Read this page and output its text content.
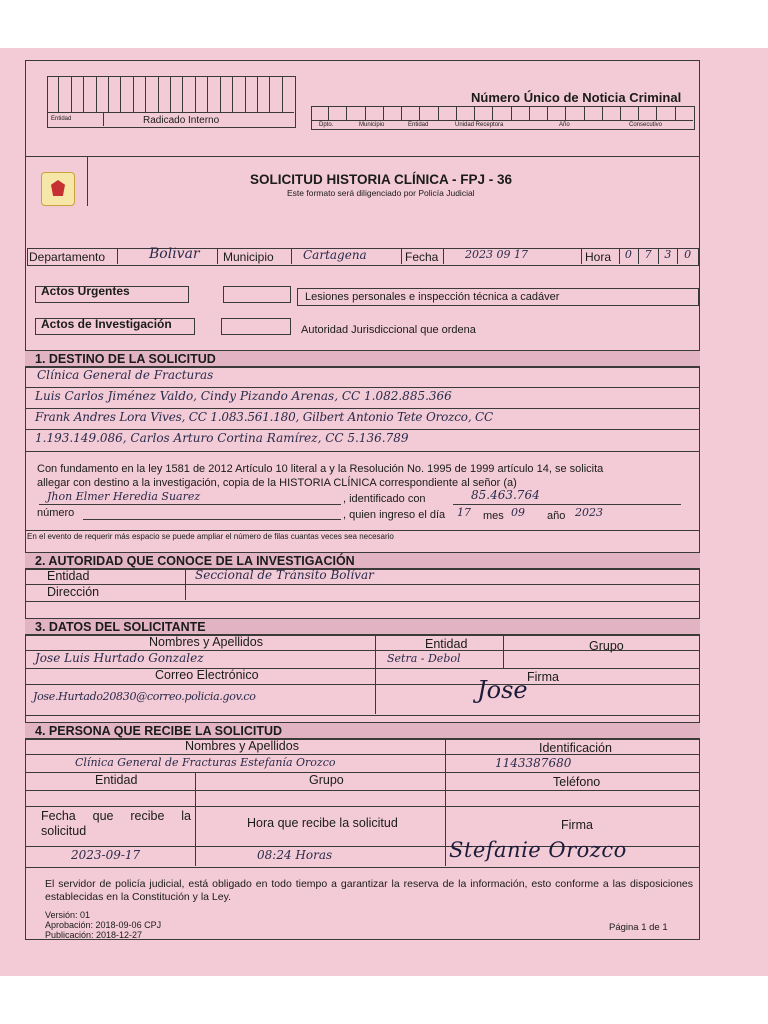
Entidad	Radicado Interno
Número Único de Noticia Criminal
Dpto.	Municipio	Entidad	Unidad Receptora	Año	Consecutivo
SOLICITUD HISTORIA CLÍNICA - FPJ - 36
Este formato será diligenciado por Policía Judicial
Departamento	Bolivar Municipio Cartagena	Fecha 2023 09 17	Hora	0	7	3	0
Actos Urgentes	Lesiones personales e inspección técnica a cadáver
Actos de Investigación	Autoridad Jurisdiccional que ordena
1. DESTINO DE LA SOLICITUD
Clínica General de Fracturas
Luis Carlos Jiménez Valdo, Cindy Pizando Arenas, CC 1.082.885.366
Frank Andres Lora Vives, CC 1.083.561.180, Gilbert Antonio Tete Orozco, CC
1.193.149.086, Carlos Arturo Cortina Ramírez, CC 5.136.789
Con fundamento en la ley 1581 de 2012 Artículo 10 literal a y la Resolución No. 1995 de 1999 artículo 14, se solicita
allegar con destino a la investigación, copia de la HISTORIA CLÍNICA correspondiente al señor (a)
Jhon Elmer Heredia Suarez	, identificado con	85.463.764
número	, quien ingreso el día 17 mes 09 año 2023
En el evento de requerir más espacio se puede ampliar el número de filas cuantas veces sea necesario
2. AUTORIDAD QUE CONOCE DE LA INVESTIGACIÓN
Entidad	Seccional de Tránsito Bolívar
Dirección
3. DATOS DEL SOLICITANTE
Nombres y Apellidos	Entidad	Grupo
Jose Luis Hurtado Gonzalez	Setra - Debol
Correo Electrónico	Firma
Jose.Hurtado20830@correo.policia.gov.co	Jose
4. PERSONA QUE RECIBE LA SOLICITUD
Nombres y Apellidos	Identificación
Clínica General de Fracturas Estefanía Orozco	1143387680
Entidad	Grupo	Teléfono
Fecha que recibe la solicitud
Hora que recibe la solicitud	Firma
2023-09-17	08:24 Horas	Stefanie Orozco
El servidor de policía judicial, está obligado en todo tiempo a garantizar la reserva de la información, esto conforme a las disposiciones establecidas en la Constitución y la Ley.
Versión: 01
Aprobación: 2018-09-06 CPJ
Publicación: 2018-12-27
Página 1 de 1
